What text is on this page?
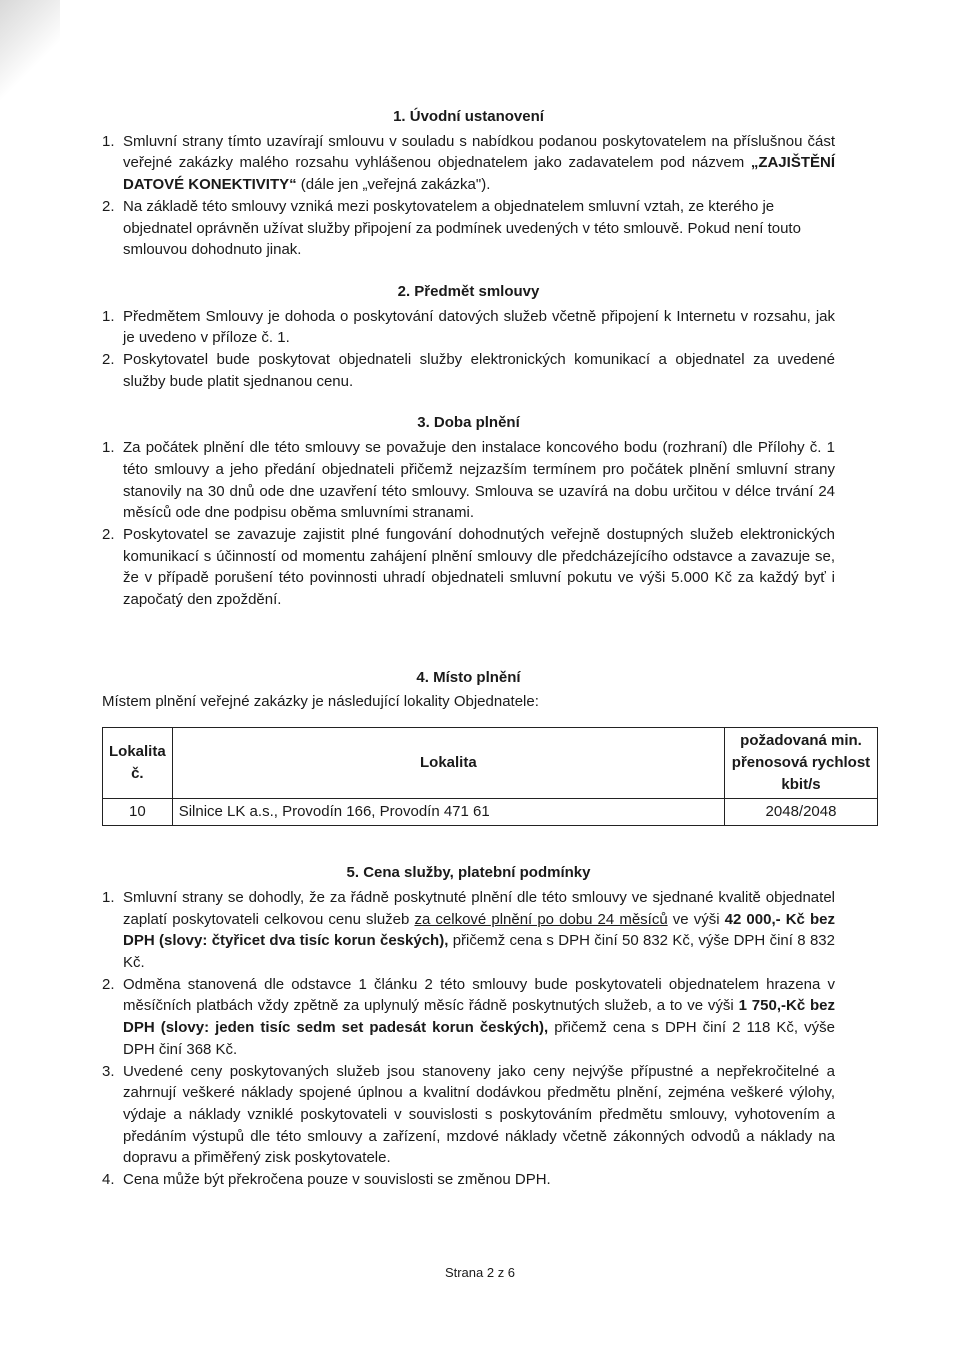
1. Úvodní ustanovení
1. Smluvní strany tímto uzavírají smlouvu v souladu s nabídkou podanou poskytovatelem na příslušnou část veřejné zakázky malého rozsahu vyhlášenou objednatelem jako zadavatelem pod názvem „ZAJIŠTĚNÍ DATOVÉ KONEKTIVITY“ (dále jen „veřejná zakázka").
2. Na základě této smlouvy vzniká mezi poskytovatelem a objednatelem smluvní vztah, ze kterého je objednatel oprávněn užívat služby připojení za podmínek uvedených v této smlouvě. Pokud není touto smlouvou dohodnuto jinak.
2. Předmět smlouvy
1. Předmětem Smlouvy je dohoda o poskytování datových služeb včetně připojení k Internetu v rozsahu, jak je uvedeno v příloze č. 1.
2. Poskytovatel bude poskytovat objednateli služby elektronických komunikací a objednatel za uvedené služby bude platit sjednanou cenu.
3. Doba plnění
1. Za počátek plnění dle této smlouvy se považuje den instalace koncového bodu (rozhraní) dle Přílohy č. 1 této smlouvy a jeho předání objednateli přičemž nejzazším termínem pro počátek plnění smluvní strany stanovily na 30 dnů ode dne uzavření této smlouvy. Smlouva se uzavírá na dobu určitou v délce trvání 24 měsíců ode dne podpisu oběma smluvními stranami.
2. Poskytovatel se zavazuje zajistit plné fungování dohodnutých veřejně dostupných služeb elektronických komunikací s účinností od momentu zahájení plnění smlouvy dle předcházejícího odstavce a zavazuje se, že v případě porušení této povinnosti uhradí objednateli smluvní pokutu ve výši 5.000 Kč za každý byť i započatý den zpoždění.
4. Místo plnění
Místem plnění veřejné zakázky je následující lokality Objednatele:
Lokalita č.	Lokalita	požadovaná min. přenosová rychlost kbit/s
10	Silnice LK a.s., Provodín 166, Provodín 471 61	2048/2048
5. Cena služby, platební podmínky
1. Smluvní strany se dohodly, že za řádně poskytnuté plnění dle této smlouvy ve sjednané kvalitě objednatel zaplatí poskytovateli celkovou cenu služeb za celkové plnění po dobu 24 měsíců ve výši 42 000,- Kč bez DPH (slovy: čtyřicet dva tisíc korun českých), přičemž cena s DPH činí 50 832 Kč, výše DPH činí 8 832 Kč.
2. Odměna stanovená dle odstavce 1 článku 2 této smlouvy bude poskytovateli objednatelem hrazena v měsíčních platbách vždy zpětně za uplynulý měsíc řádně poskytnutých služeb, a to ve výši 1 750,-Kč bez DPH (slovy: jeden tisíc sedm set padesát korun českých), přičemž cena s DPH činí 2 118 Kč, výše DPH činí 368 Kč.
3. Uvedené ceny poskytovaných služeb jsou stanoveny jako ceny nejvýše přípustné a nepřekročitelné a zahrnují veškeré náklady spojené úplnou a kvalitní dodávkou předmětu plnění, zejména veškeré výlohy, výdaje a náklady vzniklé poskytovateli v souvislosti s poskytováním předmětu smlouvy, vyhotovením a předáním výstupů dle této smlouvy a zařízení, mzdové náklady včetně zákonných odvodů a náklady na dopravu a přiměřený zisk poskytovatele.
4. Cena může být překročena pouze v souvislosti se změnou DPH.
Strana 2 z 6
